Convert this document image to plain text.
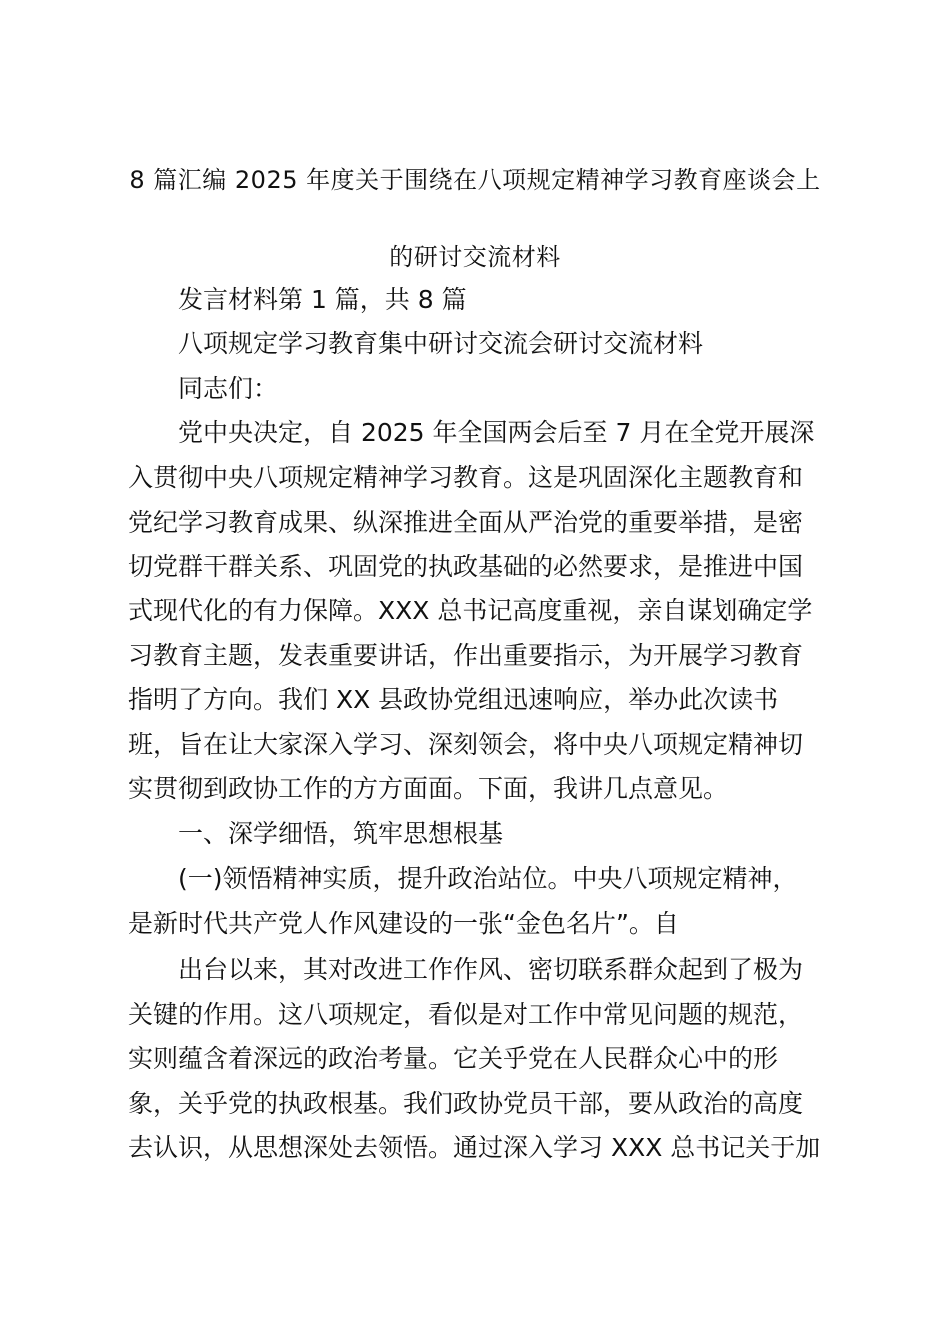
8 篇汇编 2025 年度关于围绕在八项规定精神学习教育座谈会上
的研讨交流材料
发言材料第 1 篇，共 8 篇
八项规定学习教育集中研讨交流会研讨交流材料
同志们：
党中央决定，自 2025 年全国两会后至 7 月在全党开展深
入贯彻中央八项规定精神学习教育。这是巩固深化主题教育和
党纪学习教育成果、纵深推进全面从严治党的重要举措，是密
切党群干群关系、巩固党的执政基础的必然要求，是推进中国
式现代化的有力保障。XXX 总书记高度重视，亲自谋划确定学
习教育主题，发表重要讲话，作出重要指示，为开展学习教育
指明了方向。我们 XX 县政协党组迅速响应，举办此次读书
班，旨在让大家深入学习、深刻领会，将中央八项规定精神切
实贯彻到政协工作的方方面面。下面，我讲几点意见。
一、深学细悟，筑牢思想根基
(一)领悟精神实质，提升政治站位。中央八项规定精神，
是新时代共产党人作风建设的一张“金色名片”。自
出台以来，其对改进工作作风、密切联系群众起到了极为
关键的作用。这八项规定，看似是对工作中常见问题的规范，
实则蕴含着深远的政治考量。它关乎党在人民群众心中的形
象，关乎党的执政根基。我们政协党员干部，要从政治的高度
去认识，从思想深处去领悟。通过深入学习 XXX 总书记关于加
